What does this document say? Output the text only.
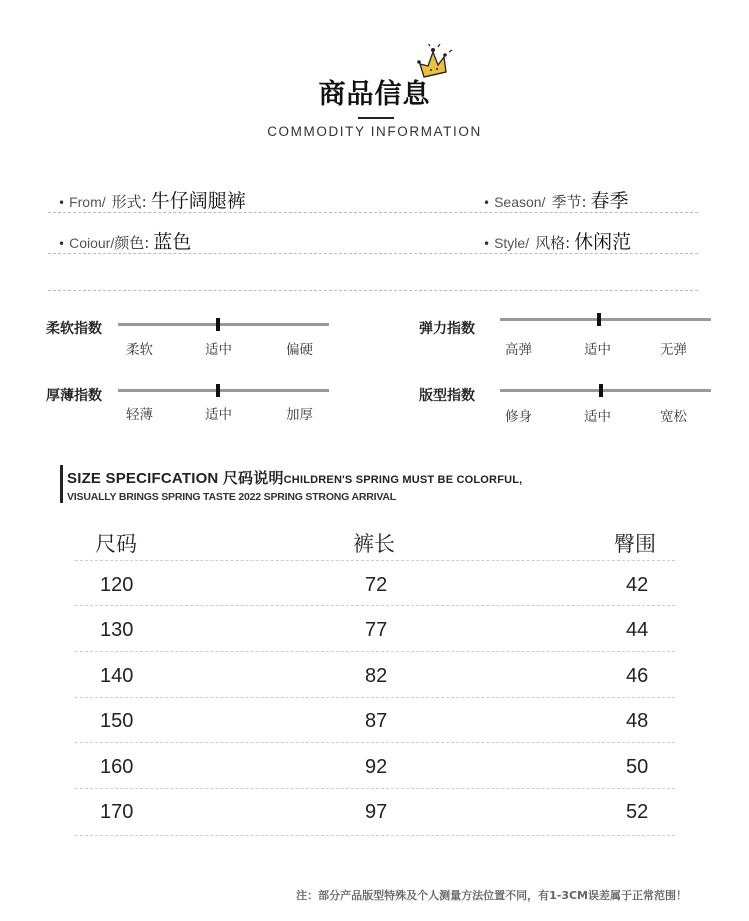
商品信息
COMMODITY INFORMATION
• From/ 形式: 牛仔阔腿裤	• Season/ 季节: 春季
• Coiour/ 颜色: 蓝色	• Style/ 风格: 休闲范
柔软指数
柔软	适中	偏硬
弹力指数
高弹	适中	无弹
厚薄指数
轻薄	适中	加厚
版型指数
修身	适中	宽松
SIZE SPECIFCATION 尺码说明CHILDREN'S SPRING MUST BE COLORFUL,
VISUALLY BRINGS SPRING TASTE 2022 SPRING STRONG ARRIVAL
尺码	裤长	臀围
120	72	42
130	77	44
140	82	46
150	87	48
160	92	50
170	97	52
注：部分产品版型特殊及个人测量方法位置不同，有1-3CM误差属于正常范围！
